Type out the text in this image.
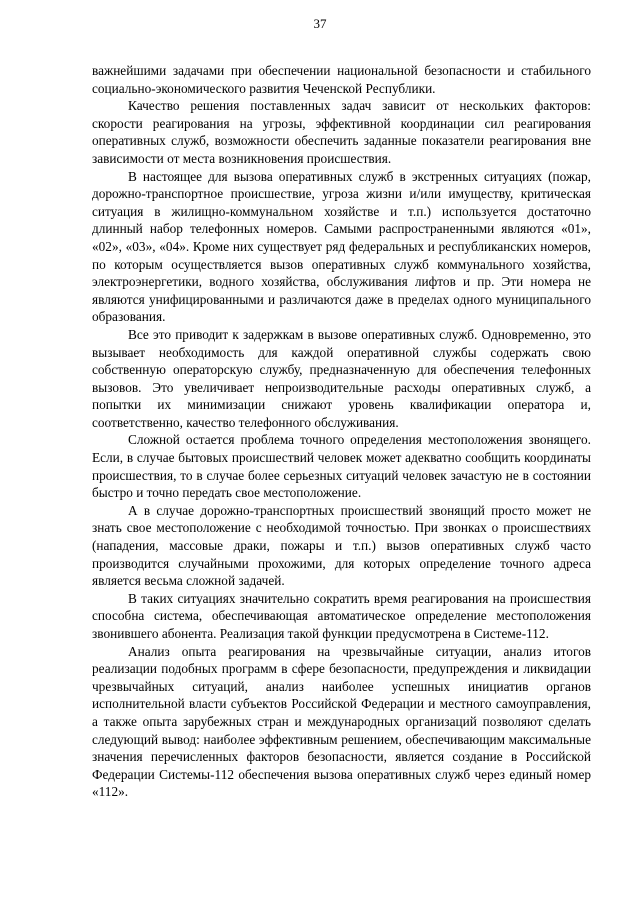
37

важнейшими задачами при обеспечении национальной безопасности и стабильного социально-экономического развития Чеченской Республики.

Качество решения поставленных задач зависит от нескольких факторов: скорости реагирования на угрозы, эффективной координации сил реагирования оперативных служб, возможности обеспечить заданные показатели реагирования вне зависимости от места возникновения происшествия.

В настоящее для вызова оперативных служб в экстренных ситуациях (пожар, дорожно-транспортное происшествие, угроза жизни и/или имуществу, критическая ситуация в жилищно-коммунальном хозяйстве и т.п.) используется достаточно длинный набор телефонных номеров. Самыми распространенными являются «01», «02», «03», «04». Кроме них существует ряд федеральных и республиканских номеров, по которым осуществляется вызов оперативных служб коммунального хозяйства, электроэнергетики, водного хозяйства, обслуживания лифтов и пр. Эти номера не являются унифицированными и различаются даже в пределах одного муниципального образования.

Все это приводит к задержкам в вызове оперативных служб. Одновременно, это вызывает необходимость для каждой оперативной службы содержать свою собственную операторскую службу, предназначенную для обеспечения телефонных вызовов. Это увеличивает непроизводительные расходы оперативных служб, а попытки их минимизации снижают уровень квалификации оператора и, соответственно, качество телефонного обслуживания.

Сложной остается проблема точного определения местоположения звонящего. Если, в случае бытовых происшествий человек может адекватно сообщить координаты происшествия, то в случае более серьезных ситуаций человек зачастую не в состоянии быстро и точно передать свое местоположение.

А в случае дорожно-транспортных происшествий звонящий просто может не знать свое местоположение с необходимой точностью. При звонках о происшествиях (нападения, массовые драки, пожары и т.п.) вызов оперативных служб часто производится случайными прохожими, для которых определение точного адреса является весьма сложной задачей.

В таких ситуациях значительно сократить время реагирования на происшествия способна система, обеспечивающая автоматическое определение местоположения звонившего абонента. Реализация такой функции предусмотрена в Системе-112.

Анализ опыта реагирования на чрезвычайные ситуации, анализ итогов реализации подобных программ в сфере безопасности, предупреждения и ликвидации чрезвычайных ситуаций, анализ наиболее успешных инициатив органов исполнительной власти субъектов Российской Федерации и местного самоуправления, а также опыта зарубежных стран и международных организаций позволяют сделать следующий вывод: наиболее эффективным решением, обеспечивающим максимальные значения перечисленных факторов безопасности, является создание в Российской Федерации Системы-112 обеспечения вызова оперативных служб через единый номер «112».
